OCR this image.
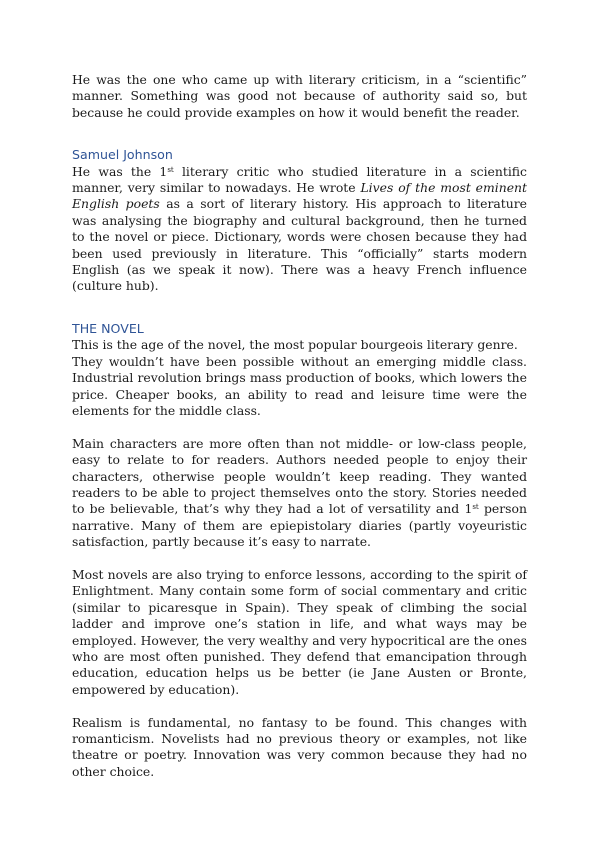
He was the one who came up with literary criticism, in a “scientific” manner. Something was good not because of authority said so, but because he could provide examples on how it would benefit the reader.

Samuel Johnson

He was the 1st literary critic who studied literature in a scientific manner, very similar to nowadays. He wrote Lives of the most eminent English poets as a sort of literary history. His approach to literature was analysing the biography and cultural background, then he turned to the novel or piece. Dictionary, words were chosen because they had been used previously in literature. This “officially” starts modern English (as we speak it now). There was a heavy French influence (culture hub).

THE NOVEL

This is the age of the novel, the most popular bourgeois literary genre.

They wouldn’t have been possible without an emerging middle class. Industrial revolution brings mass production of books, which lowers the price. Cheaper books, an ability to read and leisure time were the elements for the middle class.

Main characters are more often than not middle- or low-class people, easy to relate to for readers. Authors needed people to enjoy their characters, otherwise people wouldn’t keep reading. They wanted readers to be able to project themselves onto the story. Stories needed to be believable, that’s why they had a lot of versatility and 1st person narrative. Many of them are epiepistolary diaries (partly voyeuristic satisfaction, partly because it’s easy to narrate.

Most novels are also trying to enforce lessons, according to the spirit of Enlightment. Many contain some form of social commentary and critic (similar to picaresque in Spain). They speak of climbing the social ladder and improve one’s station in life, and what ways may be employed. However, the very wealthy and very hypocritical are the ones who are most often punished. They defend that emancipation through education, education helps us be better (ie Jane Austen or Bronte, empowered by education).

Realism is fundamental, no fantasy to be found. This changes with romanticism. Novelists had no previous theory or examples, not like theatre or poetry. Innovation was very common because they had no other choice.
